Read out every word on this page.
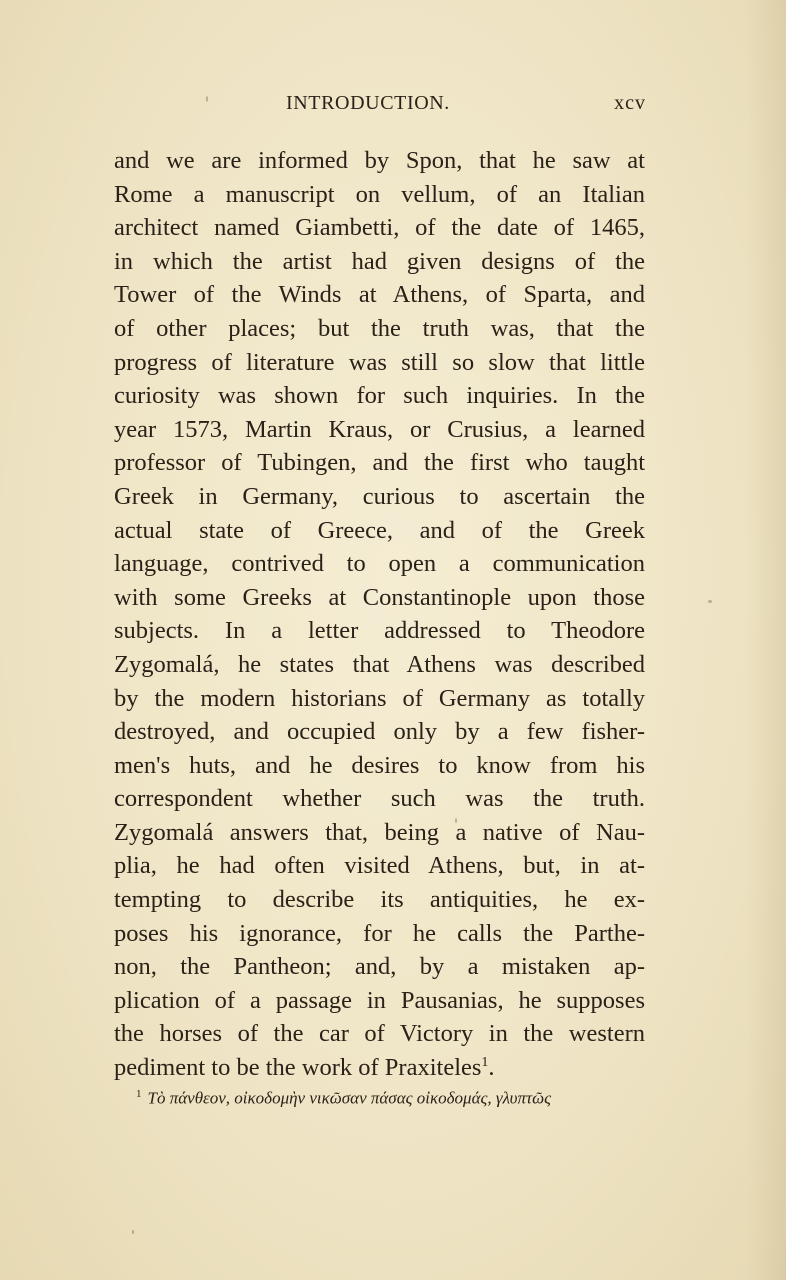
INTRODUCTION.	xcv
and we are informed by Spon, that he saw at
Rome a manuscript on vellum, of an Italian
architect named Giambetti, of the date of 1465,
in which the artist had given designs of the
Tower of the Winds at Athens, of Sparta, and
of other places; but the truth was, that the
progress of literature was still so slow that little
curiosity was shown for such inquiries. In the
year 1573, Martin Kraus, or Crusius, a learned
professor of Tubingen, and the first who taught
Greek in Germany, curious to ascertain the
actual state of Greece, and of the Greek
language, contrived to open a communication
with some Greeks at Constantinople upon those
subjects. In a letter addressed to Theodore
Zygomalá, he states that Athens was described
by the modern historians of Germany as totally
destroyed, and occupied only by a few fisher-
men's huts, and he desires to know from his
correspondent whether such was the truth.
Zygomalá answers that, being a native of Nau-
plia, he had often visited Athens, but, in at-
tempting to describe its antiquities, he ex-
poses his ignorance, for he calls the Parthe-
non, the Pantheon; and, by a mistaken ap-
plication of a passage in Pausanias, he supposes
the horses of the car of Victory in the western
pediment to be the work of Praxiteles$^1$.
$^1$ Τὸ πάνθεον, οἰκοδομὴν νικῶσαν πάσας οἰκοδομάς, γλυπτῶς
